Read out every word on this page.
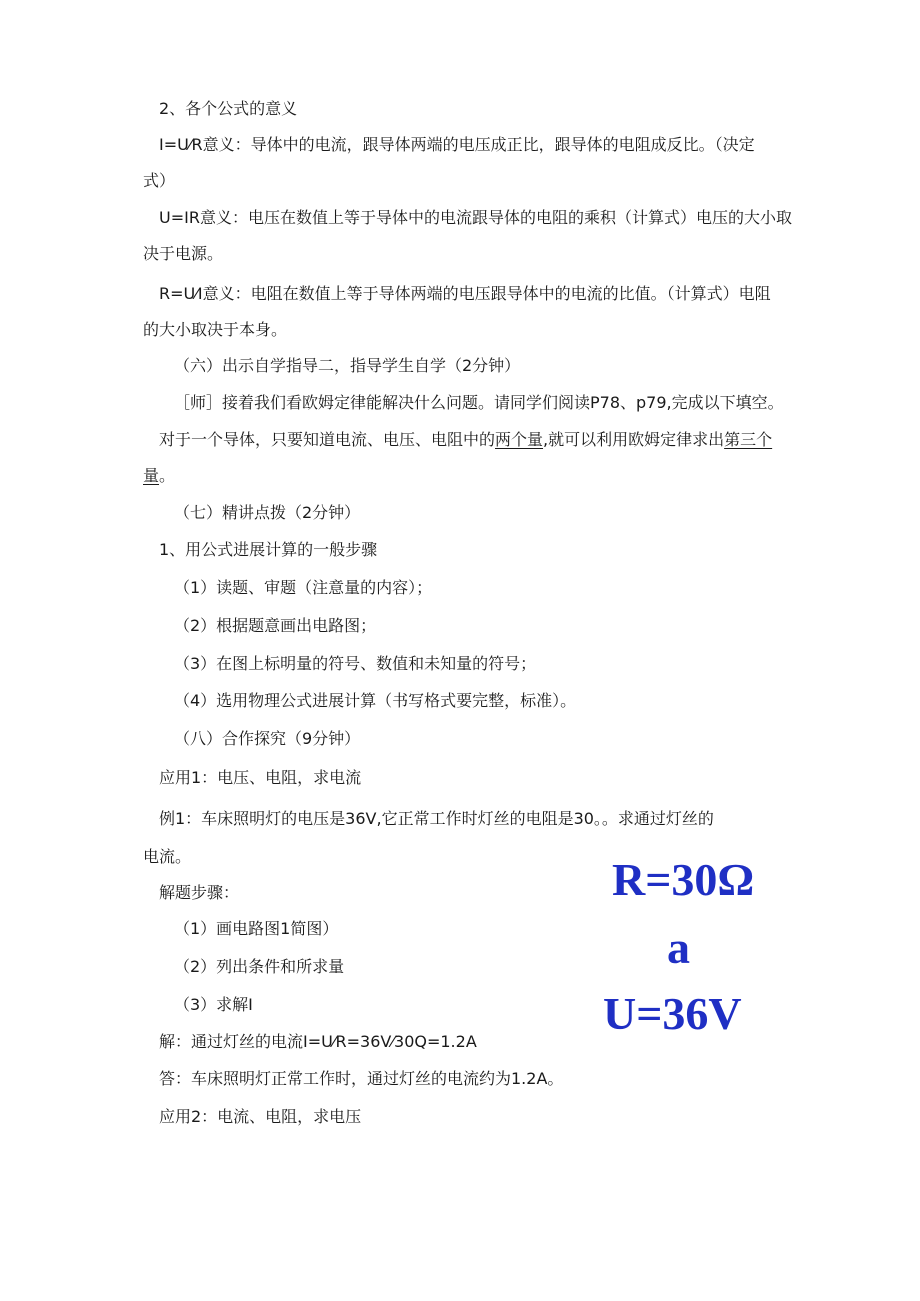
2、各个公式的意义
I=U⁄R意义：导体中的电流，跟导体两端的电压成正比，跟导体的电阻成反比。（决定
式）
U=IR意义：电压在数值上等于导体中的电流跟导体的电阻的乘积（计算式）电压的大小取
决于电源。
R=U⁄I意义：电阻在数值上等于导体两端的电压跟导体中的电流的比值。（计算式）电阻
的大小取决于本身。
（六）出示自学指导二，指导学生自学（2分钟）
［师］接着我们看欧姆定律能解决什么问题。请同学们阅读P78、p79,完成以下填空。
对于一个导体，只要知道电流、电压、电阻中的两个量,就可以利用欧姆定律求出第三个
量。
（七）精讲点拨（2分钟）
1、用公式进展计算的一般步骤
（1）读题、审题（注意量的内容）；
（2）根据题意画出电路图；
（3）在图上标明量的符号、数值和未知量的符号；
（4）选用物理公式进展计算（书写格式要完整，标准）。
（八）合作探究（9分钟）
应用1：电压、电阻，求电流
例1：车床照明灯的电压是36V,它正常工作时灯丝的电阻是30。。求通过灯丝的
电流。
解题步骤：
（1）画电路图1简图）
（2）列出条件和所求量
（3）求解I
解：通过灯丝的电流I=U⁄R=36V⁄30Q=1.2A
答：车床照明灯正常工作时，通过灯丝的电流约为1.2A。
应用2：电流、电阻，求电压
R=30Ω
a
U=36V
